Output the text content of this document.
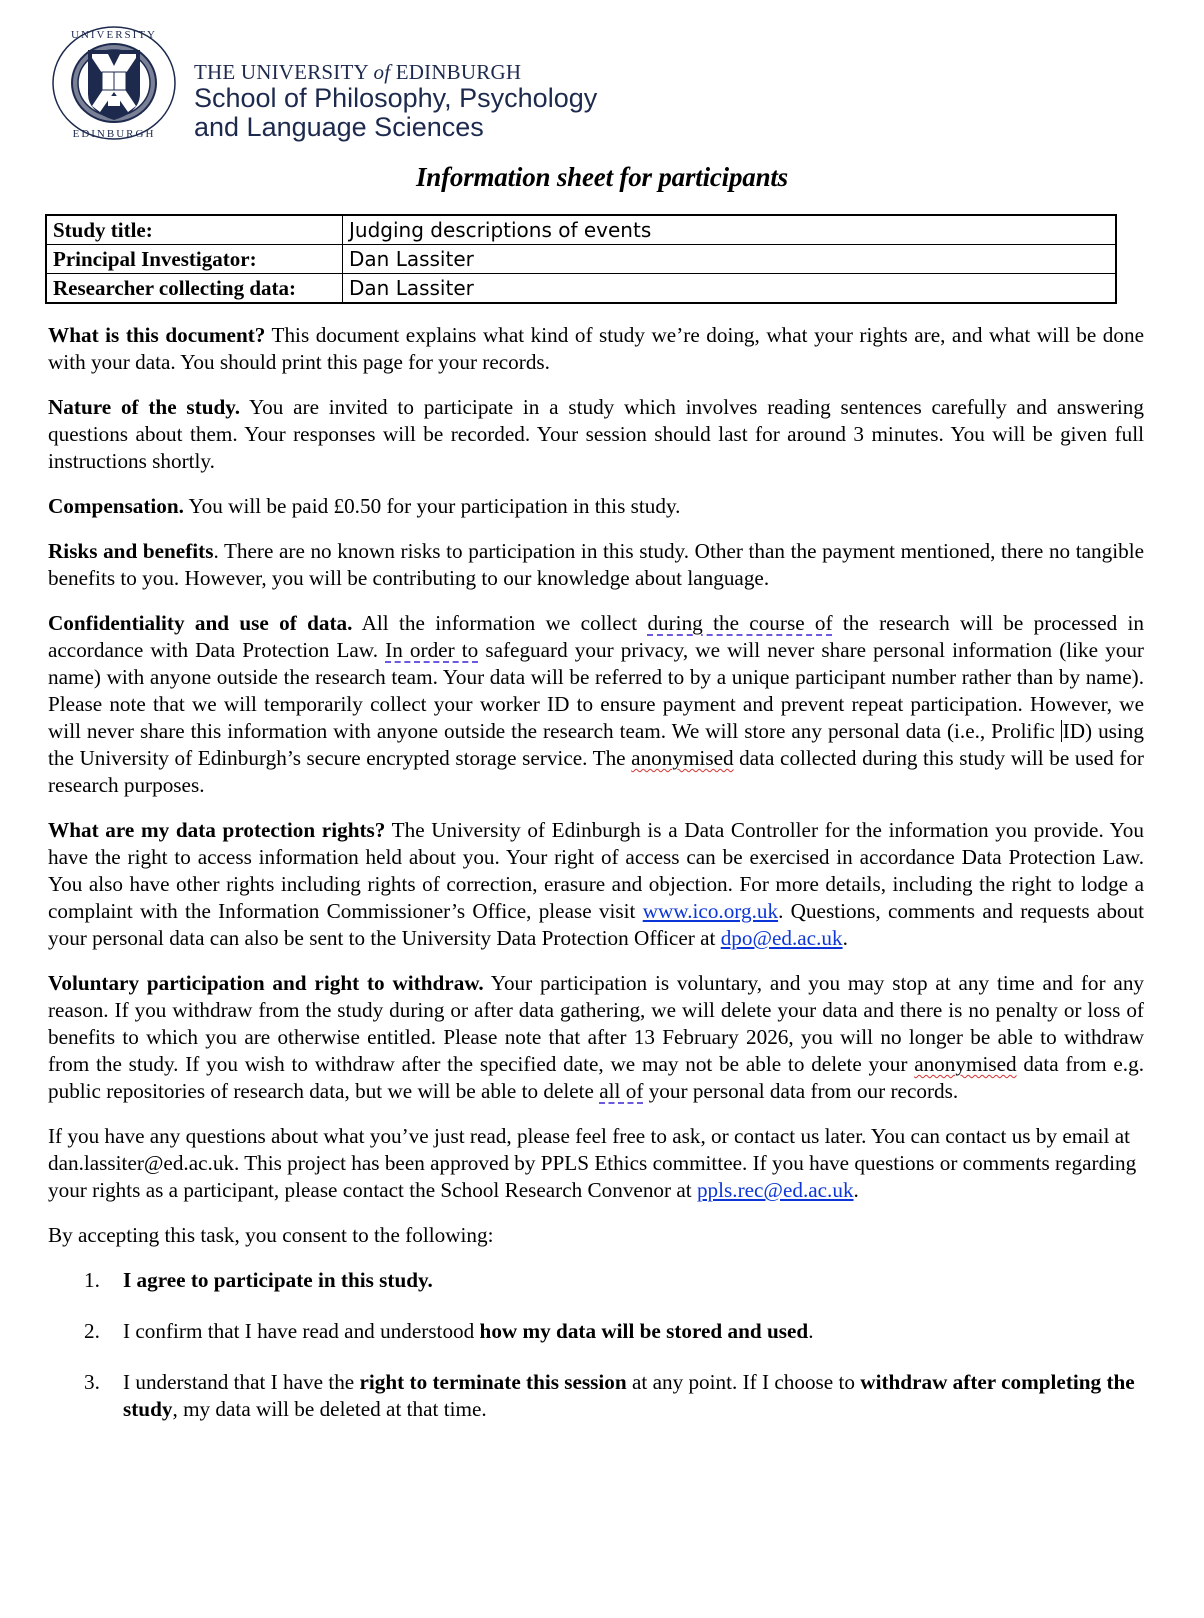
UNIVERSITY
EDINBURGH
THE UNIVERSITY of EDINBURGH
School of Philosophy, Psychology
and Language Sciences
Information sheet for participants
Study title:	Judging descriptions of events
Principal Investigator:	Dan Lassiter
Researcher collecting data:	Dan Lassiter

What is this document? This document explains what kind of study we’re doing, what your rights are, and what will be done with your data. You should print this page for your records.

Nature of the study. You are invited to participate in a study which involves reading sentences carefully and answering questions about them. Your responses will be recorded. Your session should last for around 3 minutes. You will be given full instructions shortly.

Compensation. You will be paid £0.50 for your participation in this study.

Risks and benefits. There are no known risks to participation in this study. Other than the payment mentioned, there no tangible benefits to you. However, you will be contributing to our knowledge about language.

Confidentiality and use of data. All the information we collect during the course of the research will be processed in accordance with Data Protection Law. In order to safeguard your privacy, we will never share personal information (like your name) with anyone outside the research team. Your data will be referred to by a unique participant number rather than by name). Please note that we will temporarily collect your worker ID to ensure payment and prevent repeat participation. However, we will never share this information with anyone outside the research team. We will store any personal data (i.e., Prolific ID) using the University of Edinburgh’s secure encrypted storage service. The anonymised data collected during this study will be used for research purposes.

What are my data protection rights? The University of Edinburgh is a Data Controller for the information you provide. You have the right to access information held about you. Your right of access can be exercised in accordance Data Protection Law. You also have other rights including rights of correction, erasure and objection. For more details, including the right to lodge a complaint with the Information Commissioner’s Office, please visit www.ico.org.uk. Questions, comments and requests about your personal data can also be sent to the University Data Protection Officer at dpo@ed.ac.uk.

Voluntary participation and right to withdraw. Your participation is voluntary, and you may stop at any time and for any reason. If you withdraw from the study during or after data gathering, we will delete your data and there is no penalty or loss of benefits to which you are otherwise entitled. Please note that after 13 February 2026, you will no longer be able to withdraw from the study. If you wish to withdraw after the specified date, we may not be able to delete your anonymised data from e.g. public repositories of research data, but we will be able to delete all of your personal data from our records.

If you have any questions about what you’ve just read, please feel free to ask, or contact us later. You can contact us by email at dan.lassiter@ed.ac.uk. This project has been approved by PPLS Ethics committee. If you have questions or comments regarding your rights as a participant, please contact the School Research Convenor at ppls.rec@ed.ac.uk.

By accepting this task, you consent to the following:

1. I agree to participate in this study.
2. I confirm that I have read and understood how my data will be stored and used.
3. I understand that I have the right to terminate this session at any point. If I choose to withdraw after completing the study, my data will be deleted at that time.
